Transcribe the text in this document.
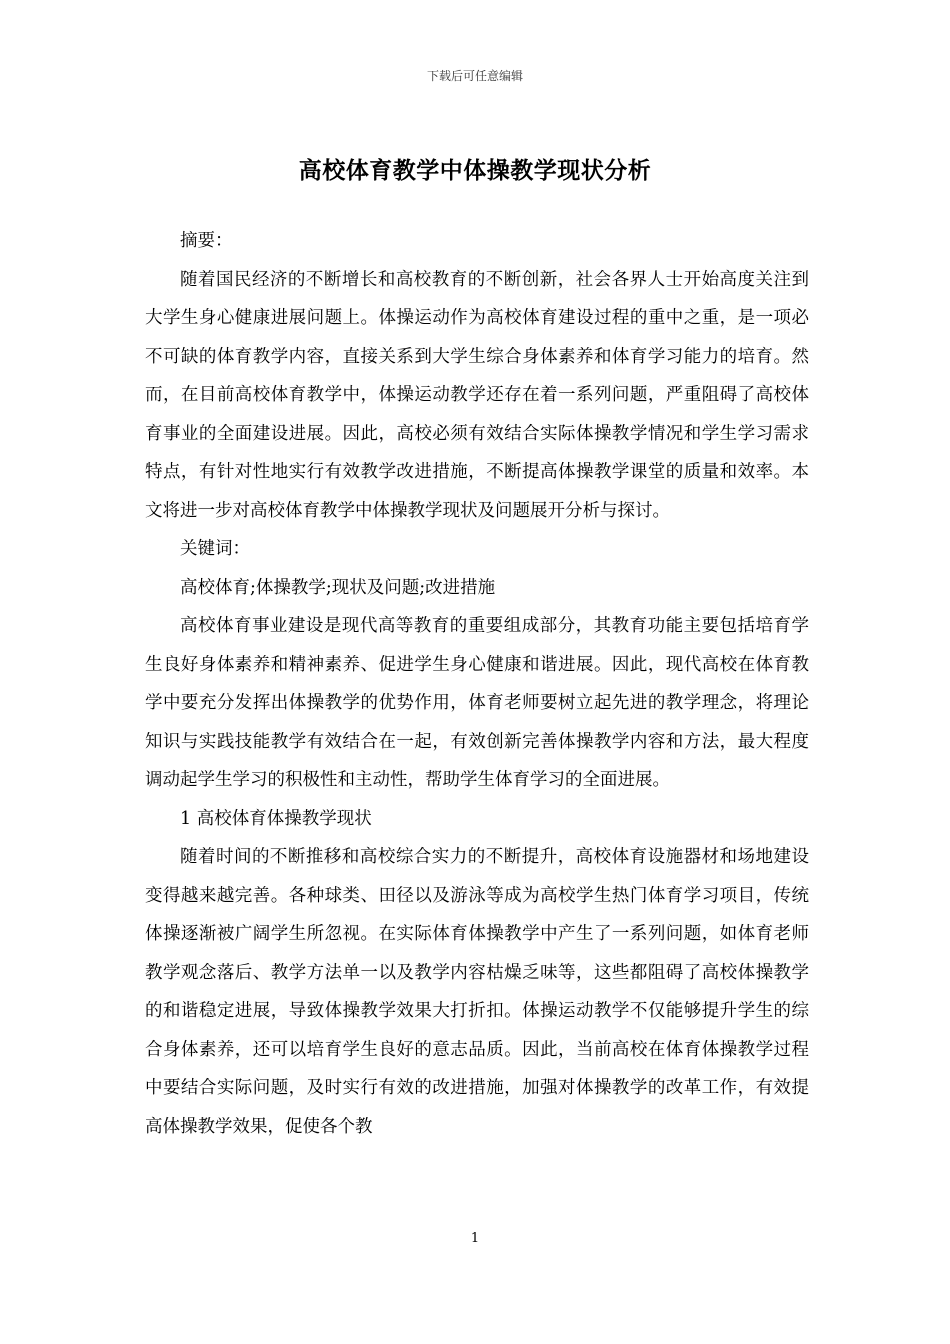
下载后可任意编辑
高校体育教学中体操教学现状分析

摘要：

随着国民经济的不断增长和高校教育的不断创新，社会各界人士开始高度关注到大学生身心健康进展问题上。体操运动作为高校体育建设过程的重中之重，是一项必不可缺的体育教学内容，直接关系到大学生综合身体素养和体育学习能力的培育。然而，在目前高校体育教学中，体操运动教学还存在着一系列问题，严重阻碍了高校体育事业的全面建设进展。因此，高校必须有效结合实际体操教学情况和学生学习需求特点，有针对性地实行有效教学改进措施，不断提高体操教学课堂的质量和效率。本文将进一步对高校体育教学中体操教学现状及问题展开分析与探讨。

关键词：

高校体育;体操教学;现状及问题;改进措施

高校体育事业建设是现代高等教育的重要组成部分，其教育功能主要包括培育学生良好身体素养和精神素养、促进学生身心健康和谐进展。因此，现代高校在体育教学中要充分发挥出体操教学的优势作用，体育老师要树立起先进的教学理念，将理论知识与实践技能教学有效结合在一起，有效创新完善体操教学内容和方法，最大程度调动起学生学习的积极性和主动性，帮助学生体育学习的全面进展。

1 高校体育体操教学现状

随着时间的不断推移和高校综合实力的不断提升，高校体育设施器材和场地建设变得越来越完善。各种球类、田径以及游泳等成为高校学生热门体育学习项目，传统体操逐渐被广阔学生所忽视。在实际体育体操教学中产生了一系列问题，如体育老师教学观念落后、教学方法单一以及教学内容枯燥乏味等，这些都阻碍了高校体操教学的和谐稳定进展，导致体操教学效果大打折扣。体操运动教学不仅能够提升学生的综合身体素养，还可以培育学生良好的意志品质。因此，当前高校在体育体操教学过程中要结合实际问题，及时实行有效的改进措施，加强对体操教学的改革工作，有效提高体操教学效果，促使各个教

1
